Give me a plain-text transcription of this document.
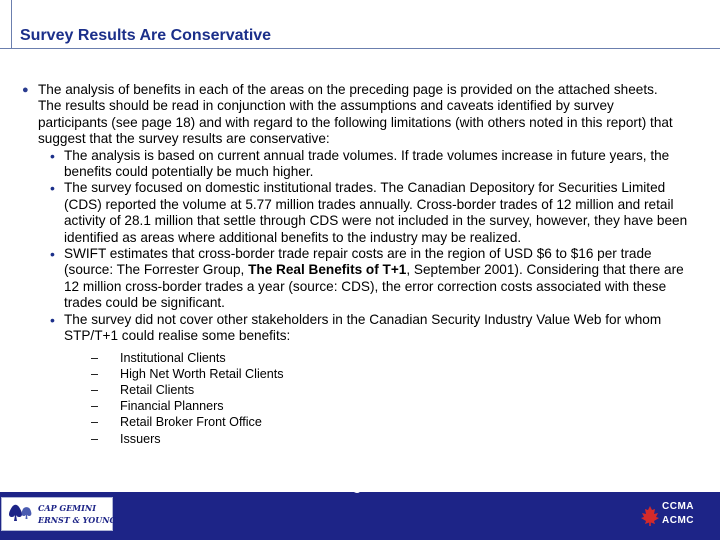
Survey Results Are Conservative
● The analysis of benefits in each of the areas on the preceding page is provided on the attached sheets. The results should be read in conjunction with the assumptions and caveats identified by survey participants (see page 18) and with regard to the following limitations (with others noted in this report) that suggest that the survey results are conservative:
• The analysis is based on current annual trade volumes. If trade volumes increase in future years, the benefits could potentially be much higher.
• The survey focused on domestic institutional trades. The Canadian Depository for Securities Limited (CDS) reported the volume at 5.77 million trades annually. Cross-border trades of 12 million and retail activity of 28.1 million that settle through CDS were not included in the survey, however, they have been identified as areas where additional benefits to the industry may be realized.
• SWIFT estimates that cross-border trade repair costs are in the region of USD $6 to $16 per trade (source: The Forrester Group, The Real Benefits of T+1, September 2001). Considering that there are 12 million cross-border trades a year (source: CDS), the error correction costs associated with these trades could be significant.
• The survey did not cover other stakeholders in the Canadian Security Industry Value Web for whom STP/T+1 could realise some benefits:
– Institutional Clients
– High Net Worth Retail Clients
– Retail Clients
– Financial Planners
– Retail Broker Front Office
– Issuers
CAP GEMINI
ERNST & YOUNG
6
CCMA
ACMC
